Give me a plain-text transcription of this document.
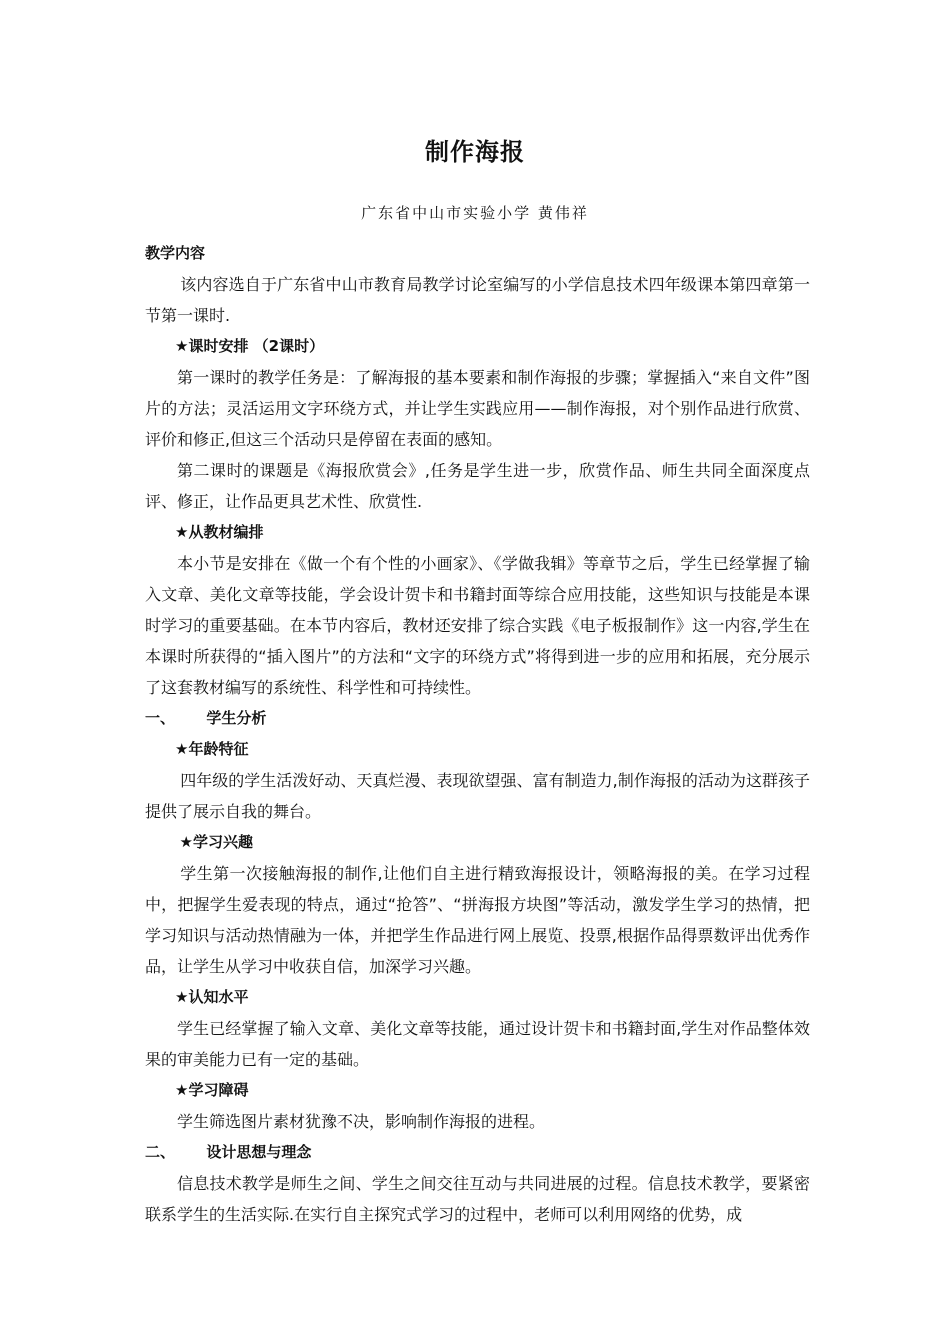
制作海报
广东省中山市实验小学 黄伟祥

教学内容

该内容选自于广东省中山市教育局教学讨论室编写的小学信息技术四年级课本第四章第一节第一课时.

★课时安排 （2课时）

第一课时的教学任务是：了解海报的基本要素和制作海报的步骤；掌握插入“来自文件”图片的方法；灵活运用文字环绕方式，并让学生实践应用——制作海报，对个别作品进行欣赏、评价和修正,但这三个活动只是停留在表面的感知。

第二课时的课题是《海报欣赏会》,任务是学生进一步，欣赏作品、师生共同全面深度点评、修正，让作品更具艺术性、欣赏性.

★从教材编排

本小节是安排在《做一个有个性的小画家》、《学做我辑》等章节之后，学生已经掌握了输入文章、美化文章等技能，学会设计贺卡和书籍封面等综合应用技能，这些知识与技能是本课时学习的重要基础。在本节内容后，教材还安排了综合实践《电子板报制作》这一内容,学生在本课时所获得的“插入图片”的方法和“文字的环绕方式”将得到进一步的应用和拓展，充分展示了这套教材编写的系统性、科学性和可持续性。

一、      学生分析

★年龄特征

四年级的学生活泼好动、天真烂漫、表现欲望强、富有制造力,制作海报的活动为这群孩子提供了展示自我的舞台。

★学习兴趣

学生第一次接触海报的制作,让他们自主进行精致海报设计，领略海报的美。在学习过程中，把握学生爱表现的特点，通过“抢答”、“拼海报方块图”等活动，激发学生学习的热情，把学习知识与活动热情融为一体，并把学生作品进行网上展览、投票,根据作品得票数评出优秀作品，让学生从学习中收获自信，加深学习兴趣。

★认知水平

学生已经掌握了输入文章、美化文章等技能，通过设计贺卡和书籍封面,学生对作品整体效果的审美能力已有一定的基础。

★学习障碍

学生筛选图片素材犹豫不决，影响制作海报的进程。

二、      设计思想与理念

信息技术教学是师生之间、学生之间交往互动与共同进展的过程。信息技术教学，要紧密联系学生的生活实际.在实行自主探究式学习的过程中，老师可以利用网络的优势，成
